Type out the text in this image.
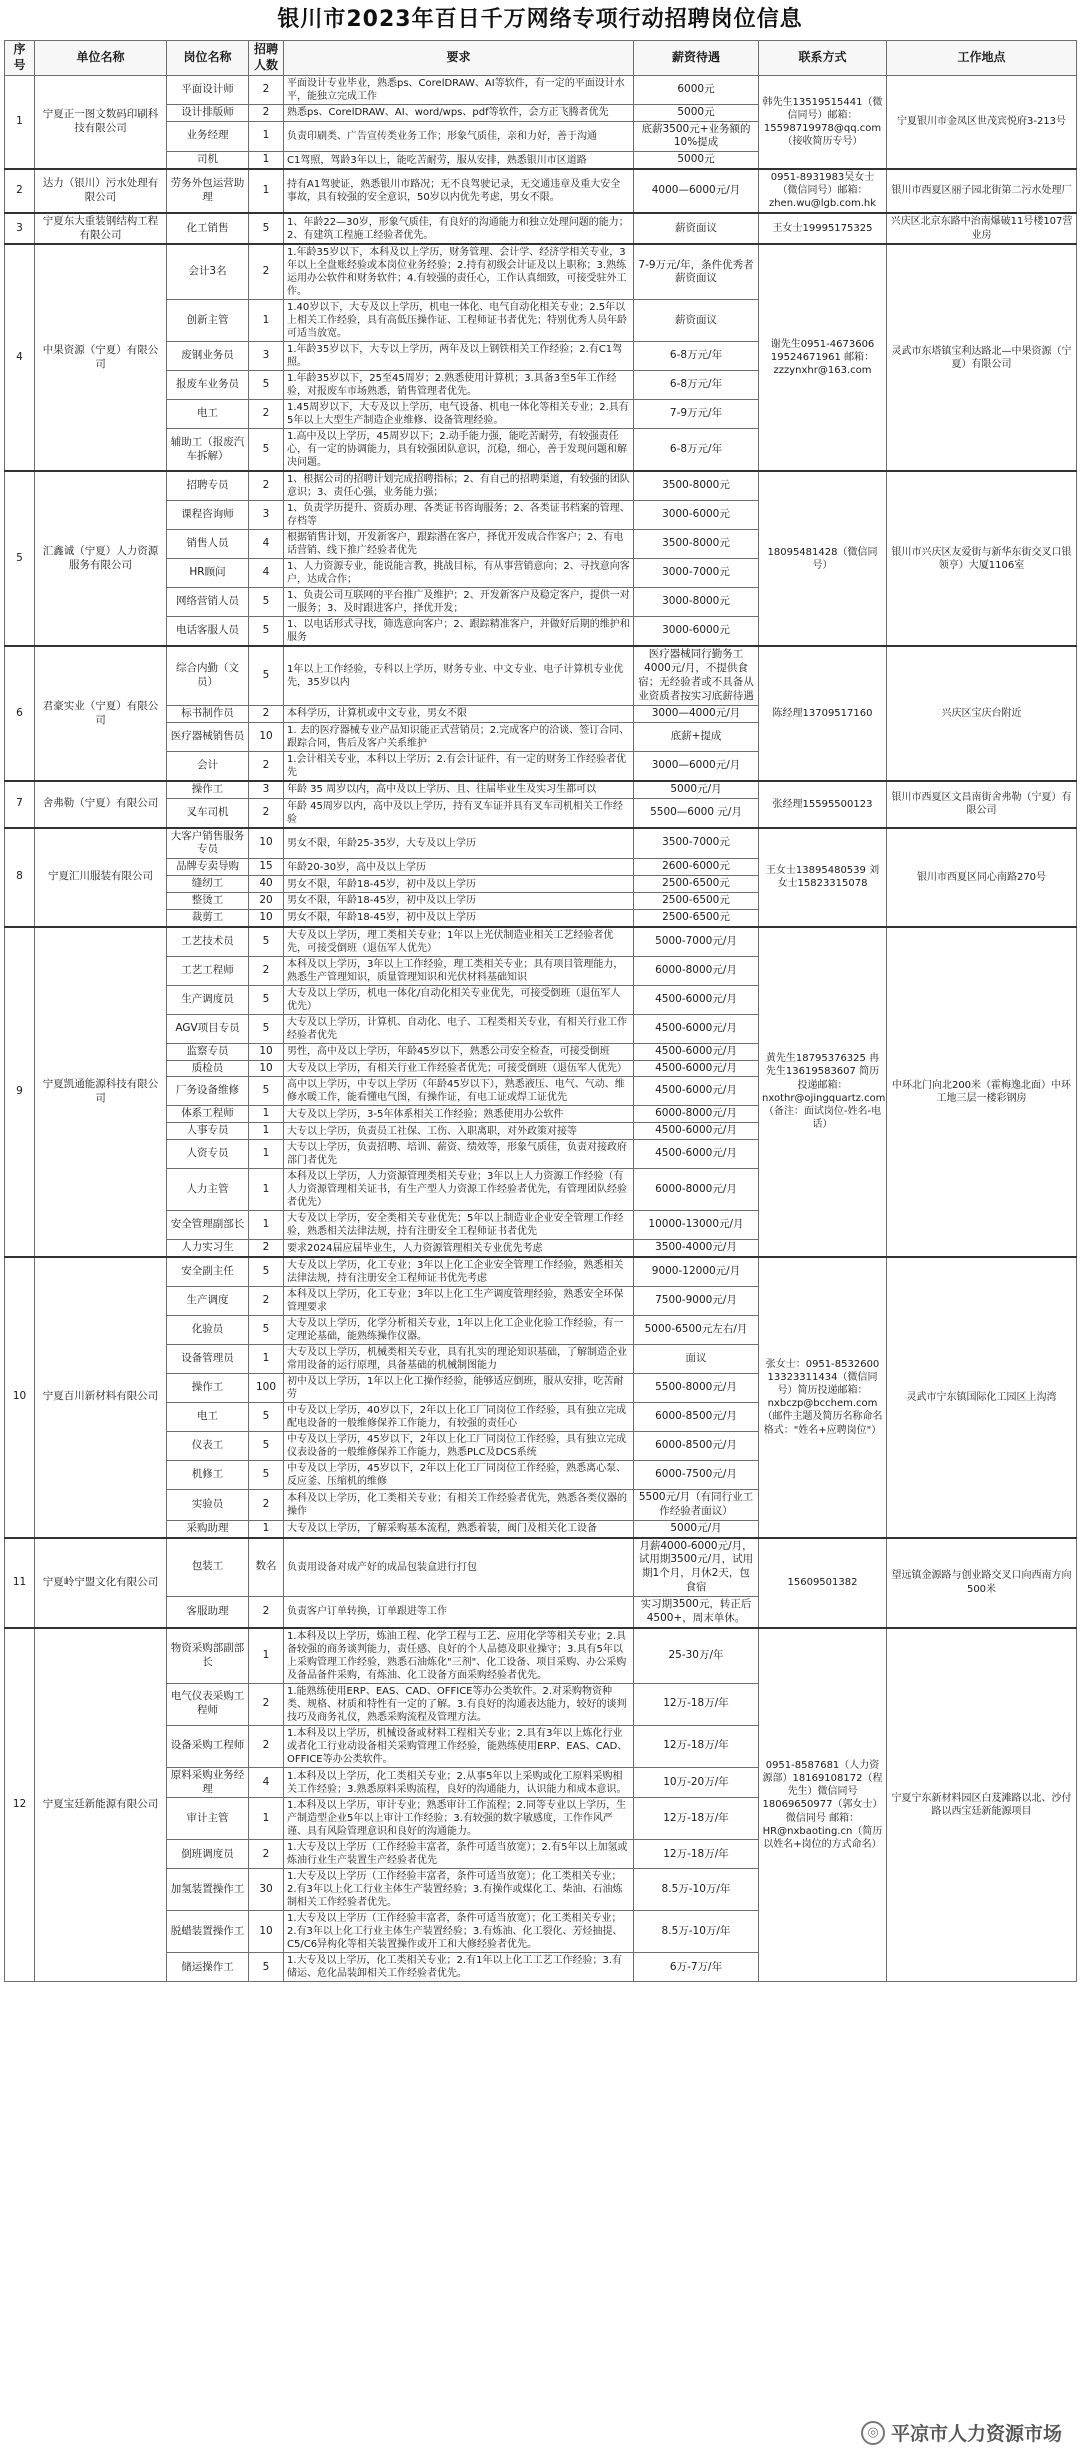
银川市2023年百日千万网络专项行动招聘岗位信息
序号	单位名称	岗位名称	招聘人数	要求	薪资待遇	联系方式	工作地点
1	宁夏正一图文数码印刷科技有限公司	平面设计师	2	平面设计专业毕业，熟悉ps、CorelDRAW、AI等软件，有一定的平面设计水平，能独立完成工作	6000元	韩先生13519515441（微信同号）邮箱：15598719978@qq.com（接收简历专号）	宁夏银川市金凤区世茂宾悦府3-213号
		设计排版师	2	熟悉ps、CorelDRAW、AI、word/wps、pdf等软件，会方正飞腾者优先	5000元		
		业务经理	1	负责印刷类、广告宣传类业务工作；形象气质佳，亲和力好，善于沟通	底薪3500元+业务额的10%提成		
		司机	1	C1驾照，驾龄3年以上，能吃苦耐劳，服从安排，熟悉银川市区道路	5000元		
2	达力（银川）污水处理有限公司	劳务外包运营助理	1	持有A1驾驶证，熟悉银川市路况；无不良驾驶记录，无交通违章及重大安全事故，具有较强的安全意识，50岁以内优先考虑，男女不限。	4000—6000元/月	0951-8931983吴女士（微信同号）邮箱：zhen.wu@lgb.com.hk	银川市西夏区丽子园北街第二污水处理厂
3	宁夏东大重装钢结构工程有限公司	化工销售	5	1、年龄22—30岁，形象气质佳，有良好的沟通能力和独立处理问题的能力；2、有建筑工程施工经验者优先。	薪资面议	王女士19995175325	兴庆区北京东路中治南爆破11号楼107营业房
4	中果资源（宁夏）有限公司	会计3名	2	1.年龄35岁以下，本科及以上学历，财务管理、会计学、经济学相关专业，3年以上全盘账经验或本岗位业务经验；2.持有初级会计证及以上职称；3.熟练运用办公软件和财务软件；4.有较强的责任心，工作认真细致，可接受驻外工作。	7-9万元/年，条件优秀者薪资面议	谢先生0951-4673606 19524671961 邮箱：zzzynxhr@163.com	灵武市东塔镇宝利达路北—中果资源（宁夏）有限公司
		创新主管	1	1.40岁以下，大专及以上学历，机电一体化、电气自动化相关专业；2.5年以上相关工作经验，具有高低压操作证、工程师证书者优先；特别优秀人员年龄可适当放宽。	薪资面议		
		废钢业务员	3	1.年龄35岁以下，大专以上学历，两年及以上钢铁相关工作经验；2.有C1驾照。	6-8万元/年		
		报废车业务员	5	1.年龄35岁以下，25至45周岁；2.熟悉使用计算机；3.具备3至5年工作经验，对报废车市场熟悉，销售管理者优先。	6-8万元/年		
		电工	2	1.45周岁以下，大专及以上学历，电气设备、机电一体化等相关专业；2.具有5年以上大型生产制造企业维修、设备管理经验。	7-9万元/年		
		辅助工（报废汽车拆解）	5	1.高中及以上学历，45周岁以下；2.动手能力强，能吃苦耐劳，有较强责任心，有一定的协调能力，具有较强团队意识，沉稳，细心，善于发现问题和解决问题。	6-8万元/年		
5	汇鑫诚（宁夏）人力资源服务有限公司	招聘专员	2	1、根据公司的招聘计划完成招聘指标；2、有自己的招聘渠道，有较强的团队意识；3、责任心强，业务能力强；	3500-8000元	18095481428（微信同号）	银川市兴庆区友爱街与新华东街交叉口银领亨）大厦1106室
		课程咨询师	3	1、负责学历提升、资质办理、各类证书咨询服务；2、各类证书档案的管理、存档等	3000-6000元		
		销售人员	4	根据销售计划，开发新客户，跟踪潜在客户，择优开发成合作客户；2、有电话营销、线下推广经验者优先	3500-8000元		
		HR顾问	4	1、人力资源专业，能说能言教，挑战目标，有从事营销意向；2、寻找意向客户，达成合作；	3000-7000元		
		网络营销人员	5	1、负责公司互联网的平台推广及维护；2、开发新客户及稳定客户，提供一对一服务；3、及时跟进客户，择优开发；	3000-8000元		
		电话客服人员	5	1、以电话形式寻找，筛选意向客户；2、跟踪精准客户，并做好后期的维护和服务	3000-6000元		
6	君豪实业（宁夏）有限公司	综合内勤（文员）	5	1年以上工作经验，专科以上学历，财务专业、中文专业、电子计算机专业优先，35岁以内	医疗器械同行勤务工4000元/月，不提供食宿；无经验者或不具备从业资质者按实习底薪待遇	陈经理13709517160	兴庆区宝庆台附近
		标书制作员	2	本科学历，计算机或中文专业，男女不限	3000—4000元/月		
		医疗器械销售员	10	1. 去的医疗器械专业产品知识能正式营销员；2.完成客户的洽谈、签订合同、跟踪合同，售后及客户关系维护	底薪+提成		
		会计	2	1.会计相关专业，本科以上学历；2.有会计证件，有一定的财务工作经验者优先	3000—6000元/月		
7	舍弗勒（宁夏）有限公司	操作工	3	年龄 35 周岁以内，高中及以上学历、且、往届毕业生及实习生都可以	5000元/月	张经理15595500123	银川市西夏区文昌南街舍弗勒（宁夏）有限公司
		叉车司机	2	年龄 45周岁以内，高中及以上学历，持有叉车证并具有叉车司机相关工作经验	5500—6000 元/月		
8	宁夏汇川服装有限公司	大客户销售服务专员	10	男女不限，年龄25-35岁，大专及以上学历	3500-7000元	王女士13895480539 刘女士15823315078	银川市西夏区同心南路270号
		品牌专卖导购	15	年龄20-30岁，高中及以上学历	2600-6000元		
		缝纫工	40	男女不限，年龄18-45岁，初中及以上学历	2500-6500元		
		整烫工	20	男女不限，年龄18-45岁，初中及以上学历	2500-6500元		
		裁剪工	10	男女不限，年龄18-45岁，初中及以上学历	2500-6500元		
9	宁夏凯通能源科技有限公司	工艺技术员	5	大专及以上学历，理工类相关专业；1年以上光伏制造业相关工艺经验者优先，可接受倒班（退伍军人优先）	5000-7000元/月	黄先生18795376325 冉先生13619583607 简历投递邮箱：nxothr@ojingquartz.com（备注：面试岗位-姓名-电话）	中环北门向北200米（霍梅逸北面）中环工地三层一楼彩钢房
		工艺工程师	2	本科及以上学历，3年以上工作经验，理工类相关专业；具有项目管理能力，熟悉生产管理知识，质量管理知识和光伏材料基础知识	6000-8000元/月		
		生产调度员	5	大专及以上学历，机电一体化/自动化相关专业优先，可接受倒班（退伍军人优先）	4500-6000元/月		
		AGV项目专员	5	大专及以上学历，计算机、自动化、电子、工程类相关专业，有相关行业工作经验者优先	4500-6000元/月		
		监察专员	10	男性，高中及以上学历，年龄45岁以下，熟悉公司安全检查，可接受倒班	4500-6000元/月		
		质检员	10	大专及以上学历，有相关行业工作经验者优先；可接受倒班（退伍军人优先）	4500-6000元/月		
		厂务设备维修	5	高中以上学历，中专以上学历（年龄45岁以下），熟悉液压、电气、气动、维修水暖工作，能看懂电气图，有操作证，有电工证或焊工证优先	4500-6000元/月		
		体系工程师	1	大专及以上学历，3-5年体系相关工作经验；熟悉使用办公软件	6000-8000元/月		
		人事专员	1	大专以上学历，负责员工社保、工伤、入职离职，对外政策对接等	4500-6000元/月		
		人资专员	1	大专以上学历，负责招聘、培训、薪资、绩效等，形象气质佳，负责对接政府部门者优先	4500-6000元/月		
		人力主管	1	本科及以上学历，人力资源管理类相关专业；3年以上人力资源工作经验（有人力资源管理相关证书，有生产型人力资源工作经验者优先，有管理团队经验者优先）	6000-8000元/月		
		安全管理副部长	1	大专及以上学历，安全类相关专业优先；5年以上制造业企业安全管理工作经验，熟悉相关法律法规，持有注册安全工程师证书者优先	10000-13000元/月		
		人力实习生	2	要求2024届应届毕业生，人力资源管理相关专业优先考虑	3500-4000元/月		
10	宁夏百川新材料有限公司	安全副主任	5	大专及以上学历，化工专业；3年以上化工企业安全管理工作经验，熟悉相关法律法规，持有注册安全工程师证书优先考虑	9000-12000元/月	张女士：0951-8532600 13323311434（微信同号）简历投递邮箱：nxbczp@bcchem.com（邮件主题及简历名称命名格式："姓名+应聘岗位"）	灵武市宁东镇国际化工园区上沟湾
		生产调度	2	本科及以上学历，化工专业；3年以上化工生产调度管理经验，熟悉安全环保管理要求	7500-9000元/月		
		化验员	5	大专及以上学历，化学分析相关专业，1年以上化工企业化验工作经验，有一定理论基础，能熟练操作仪器。	5000-6500元左右/月		
		设备管理员	1	大专及以上学历，机械类相关专业，具有扎实的理论知识基础，了解制造企业常用设备的运行原理，具备基础的机械制图能力	面议		
		操作工	100	初中及以上学历，1年以上化工操作经验，能够适应倒班，服从安排，吃苦耐劳	5500-8000元/月		
		电工	5	中专及以上学历，40岁以下，2年以上化工厂同岗位工作经验，具有独立完成配电设备的一般维修保养工作能力，有较强的责任心	6000-8500元/月		
		仪表工	5	中专及以上学历，45岁以下，2年以上化工厂同岗位工作经验，具有独立完成仪表设备的一般维修保养工作能力，熟悉PLC及DCS系统	6000-8500元/月		
		机修工	5	中专及以上学历，45岁以下，2年以上化工厂同岗位工作经验，熟悉离心泵、反应釜、压缩机的维修	6000-7500元/月		
		实验员	2	本科及以上学历，化工类相关专业；有相关工作经验者优先，熟悉各类仪器的操作	5500元/月（有同行业工作经验者面议）		
		采购助理	1	大专及以上学历，了解采购基本流程，熟悉着装，阀门及相关化工设备	5000元/月		
11	宁夏岭宁盟文化有限公司	包装工	数名	负责用设备对成产好的成品包装盒进行打包	月薪4000-6000元/月，试用期3500元/月，试用期1个月，月休2天，包食宿	15609501382	望远镇金源路与创业路交叉口向西南方向500米
		客服助理	2	负责客户订单转换，订单跟进等工作	实习期3500元，转正后4500+，周末单休。		
12	宁夏宝廷新能源有限公司	物资采购部副部长	1	1.本科及以上学历，炼油工程、化学工程与工艺、应用化学等相关专业；2.具备较强的商务谈判能力，责任感、良好的个人品德及职业操守；3.具有5年以上采购管理工作经验，熟悉石油炼化"三剂"、化工设备、项目采购、办公采购及备品备件采购，有炼油、化工设备方面采购经验者优先。	25-30万/年	0951-8587681（人力资源部）18169108172（程先生）微信同号 18069650977（郭女士）微信同号 邮箱：HR@nxbaoting.cn（简历以姓名+岗位的方式命名）	宁夏宁东新材料园区白芨滩路以北、沙付路以西宝廷新能源项目
		电气仪表采购工程师	2	1.能熟练使用ERP、EAS、CAD、OFFICE等办公类软件。2.对采购物资种类、规格、材质和特性有一定的了解。3.有良好的沟通表达能力，较好的谈判技巧及商务礼仪，熟悉采购流程及管理方法。	12万-18万/年		
		设备采购工程师	2	1.本科及以上学历，机械设备或材料工程相关专业；2.具有3年以上炼化行业或者化工行业动设备相关采购管理工作经验，能熟练使用ERP、EAS、CAD、OFFICE等办公类软件。	12万-18万/年		
		原料采购业务经理	4	1.本科及以上学历，化工类相关专业；2.从事5年以上采购或化工原料采购相关工作经验；3.熟悉原料采购流程，良好的沟通能力，认识能力和成本意识。	10万-20万/年		
		审计主管	1	1.本科及以上学历，审计专业；熟悉审计工作流程；2.同等专业以上学历，生产制造型企业5年以上审计工作经验；3.有较强的数字敏感度，工作作风严谨、具有风险管理意识和良好的沟通能力。	12万-18万/年		
		倒班调度员	2	1.大专及以上学历（工作经验丰富者，条件可适当放宽）；2.有5年以上加氢或炼油行业生产装置生产经验者优先	12万-18万/年		
		加氢装置操作工	30	1.大专及以上学历（工作经验丰富者，条件可适当放宽）；化工类相关专业；2.有3年以上化工行业主体生产装置经验；3.有操作或煤化工、柴油、石油炼制相关工作经验者优先。	8.5万-10万/年		
		脱蜡装置操作工	10	1.大专及以上学历（工作经验丰富者，条件可适当放宽）；化工类相关专业；2.有3年以上化工行业主体生产装置经验；3.有炼油、化工裂化、芳烃抽提、C5/C6异构化等相关装置操作或开工和大修经验者优先。	8.5万-10万/年		
		储运操作工	5	1.大专及以上学历，化工类相关专业；2.有1年以上化工工艺工作经验；3.有储运、危化品装卸相关工作经验者优先。	6万-7万/年		
◎ 平凉市人力资源市场
